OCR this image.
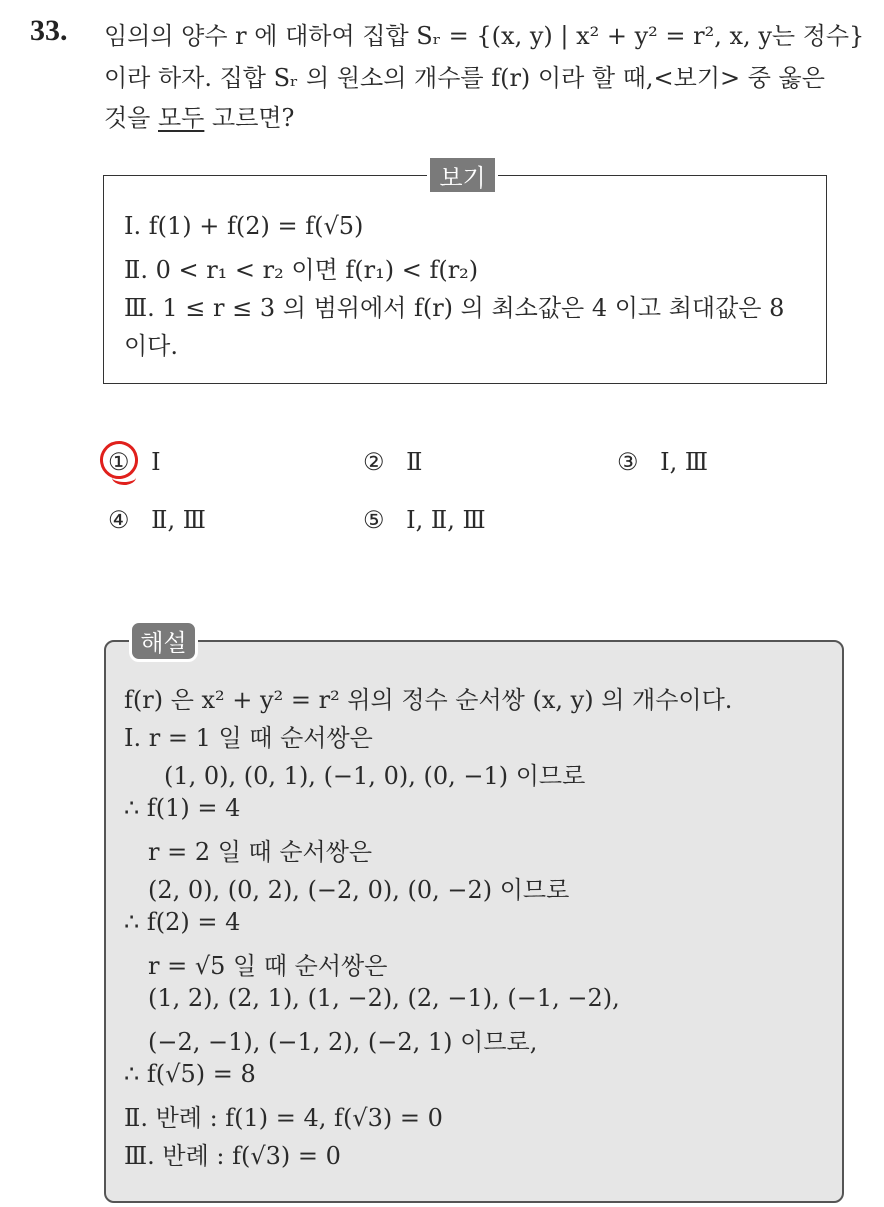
33. 임의의 양수 r 에 대하여 집합 Sᵣ = {(x, y) | x² + y² = r², x, y는 정수}
이라 하자. 집합 Sᵣ 의 원소의 개수를 f(r) 이라 할 때,<보기> 중 옳은
것을 모두 고르면?
보기
Ⅰ. f(1) + f(2) = f(√5)
Ⅱ. 0 < r₁ < r₂ 이면 f(r₁) < f(r₂)
Ⅲ. 1 ≤ r ≤ 3 의 범위에서 f(r) 의 최소값은 4 이고 최대값은 8
이다.
① Ⅰ	② Ⅱ	③ Ⅰ, Ⅲ
④ Ⅱ, Ⅲ	⑤ Ⅰ, Ⅱ, Ⅲ
해설
f(r) 은 x² + y² = r² 위의 정수 순서쌍 (x, y) 의 개수이다.
Ⅰ. r = 1 일 때 순서쌍은
(1, 0), (0, 1), (−1, 0), (0, −1) 이므로
∴ f(1) = 4
r = 2 일 때 순서쌍은
(2, 0), (0, 2), (−2, 0), (0, −2) 이므로
∴ f(2) = 4
r = √5 일 때 순서쌍은
(1, 2), (2, 1), (1, −2), (2, −1), (−1, −2),
(−2, −1), (−1, 2), (−2, 1) 이므로,
∴ f(√5) = 8
Ⅱ. 반례 : f(1) = 4, f(√3) = 0
Ⅲ. 반례 : f(√3) = 0
